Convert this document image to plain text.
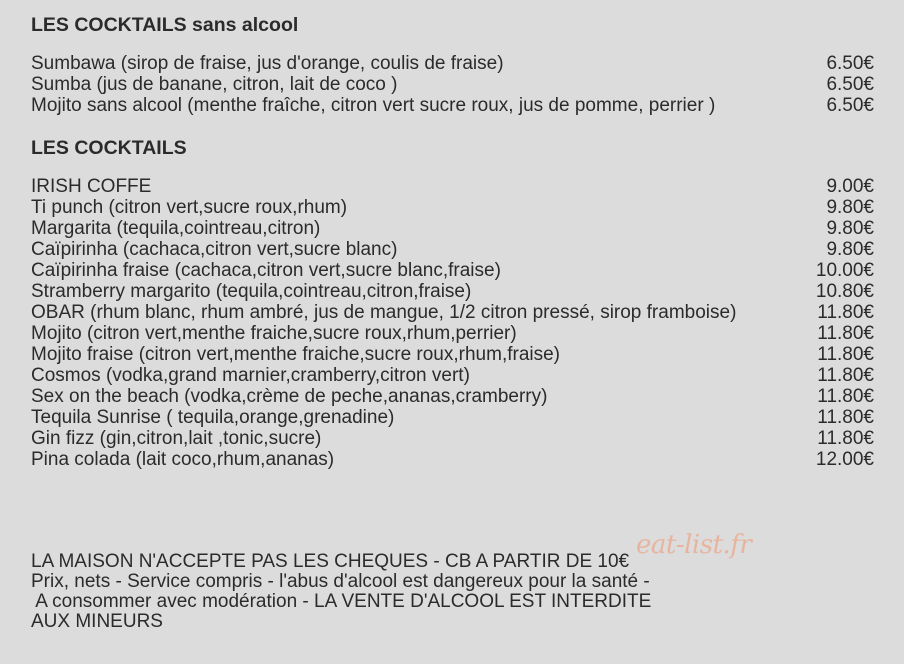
LES COCKTAILS sans alcool
Sumbawa (sirop de fraise, jus d'orange, coulis de fraise)	6.50€
Sumba (jus de banane, citron, lait de coco )	6.50€
Mojito sans alcool (menthe fraîche, citron vert sucre roux, jus de pomme, perrier )	6.50€
LES COCKTAILS
IRISH COFFE	9.00€
Ti punch (citron vert,sucre roux,rhum)	9.80€
Margarita (tequila,cointreau,citron)	9.80€
Caïpirinha (cachaca,citron vert,sucre blanc)	9.80€
Caïpirinha fraise (cachaca,citron vert,sucre blanc,fraise)	10.00€
Stramberry margarito (tequila,cointreau,citron,fraise)	10.80€
OBAR (rhum blanc, rhum ambré, jus de mangue, 1/2 citron pressé, sirop framboise)	11.80€
Mojito (citron vert,menthe fraiche,sucre roux,rhum,perrier)	11.80€
Mojito fraise (citron vert,menthe fraiche,sucre roux,rhum,fraise)	11.80€
Cosmos (vodka,grand marnier,cramberry,citron vert)	11.80€
Sex on the beach (vodka,crème de peche,ananas,cramberry)	11.80€
Tequila Sunrise ( tequila,orange,grenadine)	11.80€
Gin fizz (gin,citron,lait ,tonic,sucre)	11.80€
Pina colada (lait coco,rhum,ananas)	12.00€

LA MAISON N'ACCEPTE PAS LES CHEQUES - CB A PARTIR DE 10€

Prix, nets - Service compris - l'abus d'alcool est dangereux pour la santé -

A consommer avec modération - LA VENTE D'ALCOOL EST INTERDITE

AUX MINEURS

eat-list.fr
